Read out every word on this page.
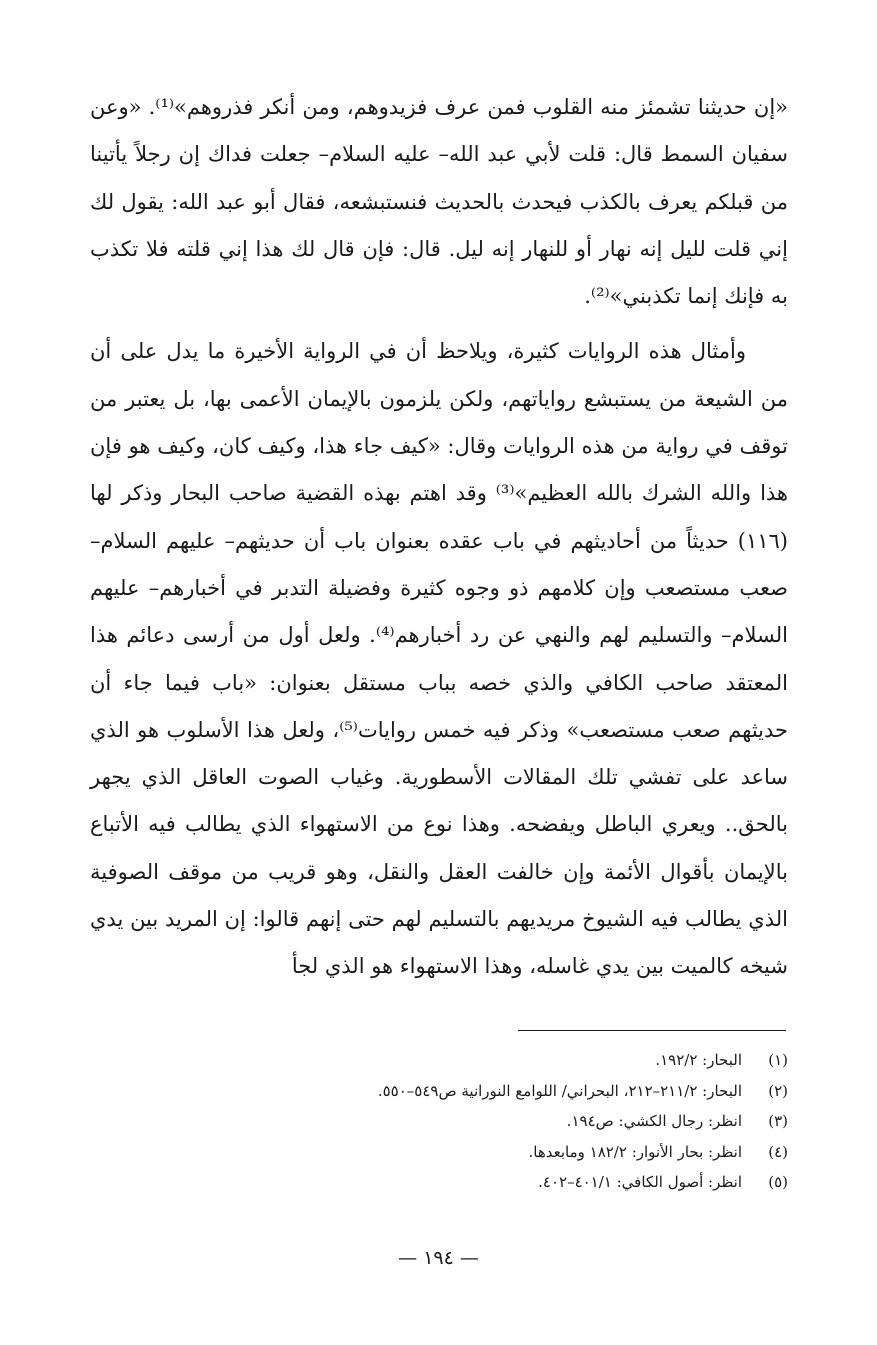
«إن حديثنا تشمئز منه القلوب فمن عرف فزيدوهم، ومن أنكر فذروهم»⁽¹⁾. «وعن سفيان السمط قال: قلت لأبي عبد الله– عليه السلام– جعلت فداك إن رجلاً يأتينا من قبلكم يعرف بالكذب فيحدث بالحديث فنستبشعه، فقال أبو عبد الله: يقول لك إني قلت لليل إنه نهار أو للنهار إنه ليل. قال: فإن قال لك هذا إني قلته فلا تكذب به فإنك إنما تكذبني»⁽²⁾.

وأمثال هذه الروايات كثيرة، ويلاحظ أن في الرواية الأخيرة ما يدل على أن من الشيعة من يستبشع رواياتهم، ولكن يلزمون بالإيمان الأعمى بها، بل يعتبر من توقف في رواية من هذه الروايات وقال: «كيف جاء هذا، وكيف كان، وكيف هو فإن هذا والله الشرك بالله العظيم»⁽³⁾ وقد اهتم بهذه القضية صاحب البحار وذكر لها (١١٦) حديثاً من أحاديثهم في باب عقده بعنوان باب أن حديثهم– عليهم السلام– صعب مستصعب وإن كلامهم ذو وجوه كثيرة وفضيلة التدبر في أخبارهم– عليهم السلام– والتسليم لهم والنهي عن رد أخبارهم⁽⁴⁾. ولعل أول من أرسى دعائم هذا المعتقد صاحب الكافي والذي خصه بباب مستقل بعنوان: «باب فيما جاء أن حديثهم صعب مستصعب» وذكر فيه خمس روايات⁽⁵⁾، ولعل هذا الأسلوب هو الذي ساعد على تفشي تلك المقالات الأسطورية. وغياب الصوت العاقل الذي يجهر بالحق.. ويعري الباطل ويفضحه. وهذا نوع من الاستهواء الذي يطالب فيه الأتباع بالإيمان بأقوال الأئمة وإن خالفت العقل والنقل، وهو قريب من موقف الصوفية الذي يطالب فيه الشيوخ مريديهم بالتسليم لهم حتى إنهم قالوا: إن المريد بين يدي شيخه كالميت بين يدي غاسله، وهذا الاستهواء هو الذي لجأ

(١)
البحار: ١٩٢/٢.
(٢)
البحار: ٢١١/٢–٢١٢، البحراني/ اللوامع النورانية ص٥٤٩–٥٥٠.
(٣)
انظر: رجال الكشي: ص١٩٤.
(٤)
انظر: بحار الأنوار: ١٨٢/٢ ومابعدها.
(٥)
انظر: أصول الكافي: ٤٠١/١–٤٠٢.
— ١٩٤ —
